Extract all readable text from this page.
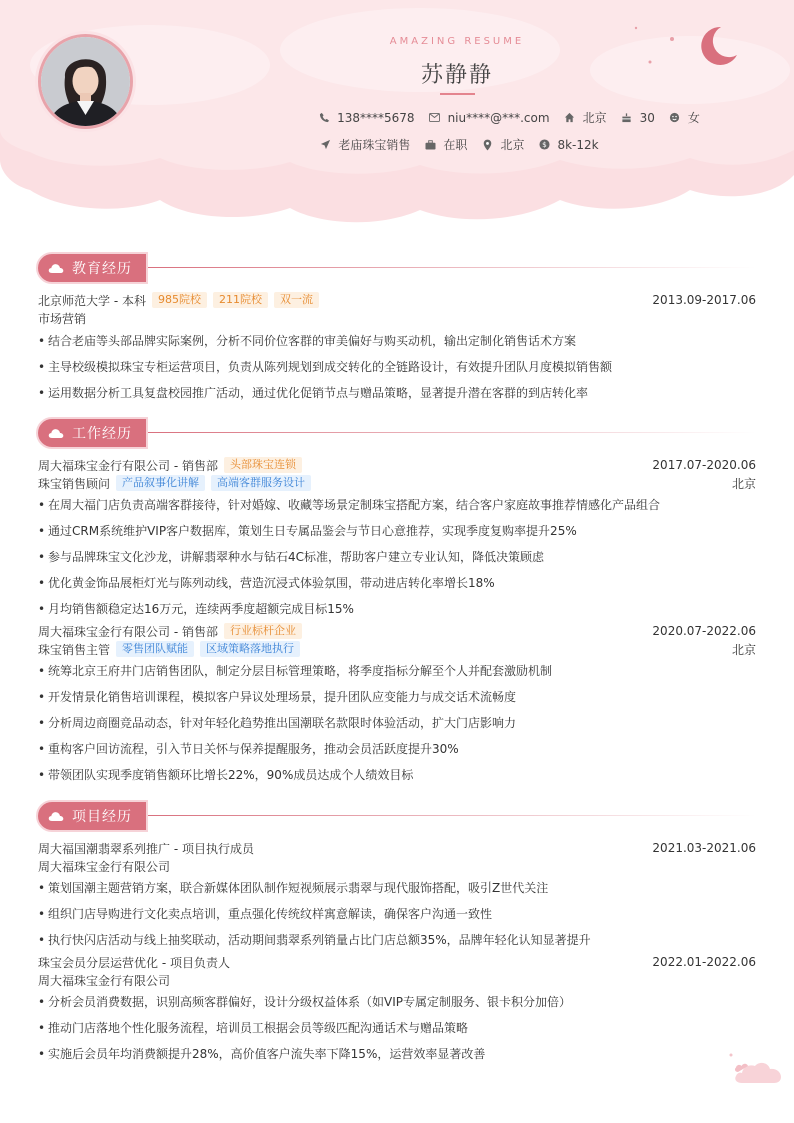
AMAZING RESUME
苏静静
138****5678	niu****@***.com	北京	30	女
老庙珠宝销售	在职	北京 $ 8k-12k
教育经历
北京师范大学 - 本科	985院校	211院校	双一流	2013.09-2017.06
市场营销
• 结合老庙等头部品牌实际案例，分析不同价位客群的审美偏好与购买动机，输出定制化销售话术方案
• 主导校级模拟珠宝专柜运营项目，负责从陈列规划到成交转化的全链路设计，有效提升团队月度模拟销售额
• 运用数据分析工具复盘校园推广活动，通过优化促销节点与赠品策略，显著提升潜在客群的到店转化率
工作经历
周大福珠宝金行有限公司 - 销售部	头部珠宝连锁	2017.07-2020.06
珠宝销售顾问	产品叙事化讲解	高端客群服务设计	北京
• 在周大福门店负责高端客群接待，针对婚嫁、收藏等场景定制珠宝搭配方案，结合客户家庭故事推荐情感化产品组合
• 通过CRM系统维护VIP客户数据库，策划生日专属品鉴会与节日心意推荐，实现季度复购率提升25%
• 参与品牌珠宝文化沙龙，讲解翡翠种水与钻石4C标准，帮助客户建立专业认知，降低决策顾虑
• 优化黄金饰品展柜灯光与陈列动线，营造沉浸式体验氛围，带动进店转化率增长18%
• 月均销售额稳定达16万元，连续两季度超额完成目标15%
周大福珠宝金行有限公司 - 销售部	行业标杆企业	2020.07-2022.06
珠宝销售主管	零售团队赋能	区域策略落地执行	北京
• 统筹北京王府井门店销售团队，制定分层目标管理策略，将季度指标分解至个人并配套激励机制
• 开发情景化销售培训课程，模拟客户异议处理场景，提升团队应变能力与成交话术流畅度
• 分析周边商圈竞品动态，针对年轻化趋势推出国潮联名款限时体验活动，扩大门店影响力
• 重构客户回访流程，引入节日关怀与保养提醒服务，推动会员活跃度提升30%
• 带领团队实现季度销售额环比增长22%，90%成员达成个人绩效目标
项目经历
周大福国潮翡翠系列推广 - 项目执行成员	2021.03-2021.06
周大福珠宝金行有限公司
• 策划国潮主题营销方案，联合新媒体团队制作短视频展示翡翠与现代服饰搭配，吸引Z世代关注
• 组织门店导购进行文化卖点培训，重点强化传统纹样寓意解读，确保客户沟通一致性
• 执行快闪店活动与线上抽奖联动，活动期间翡翠系列销量占比门店总额35%，品牌年轻化认知显著提升
珠宝会员分层运营优化 - 项目负责人	2022.01-2022.06
周大福珠宝金行有限公司
• 分析会员消费数据，识别高频客群偏好，设计分级权益体系（如VIP专属定制服务、银卡积分加倍）
• 推动门店落地个性化服务流程，培训员工根据会员等级匹配沟通话术与赠品策略
• 实施后会员年均消费额提升28%，高价值客户流失率下降15%，运营效率显著改善
